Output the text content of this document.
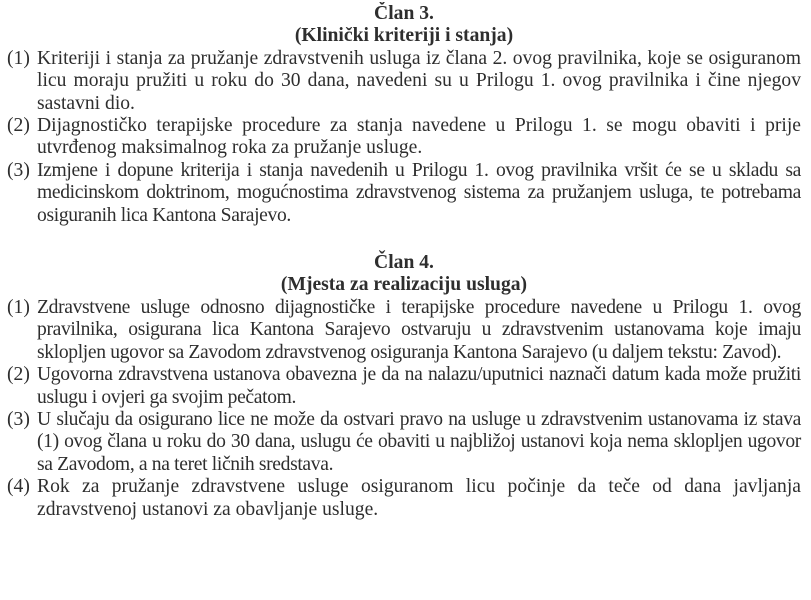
Član 3.
(Klinički kriteriji i stanja)
(1) Kriteriji i stanja za pružanje zdravstvenih usluga iz člana 2. ovog pravilnika, koje se osiguranom licu moraju pružiti u roku do 30 dana, navedeni su u Prilogu 1. ovog pravilnika i čine njegov sastavni dio.
(2) Dijagnostičko terapijske procedure za stanja navedene u Prilogu 1. se mogu obaviti i prije utvrđenog maksimalnog roka za pružanje usluge.
(3) Izmjene i dopune kriterija i stanja navedenih u Prilogu 1. ovog pravilnika vršit će se u skladu sa medicinskom doktrinom, mogućnostima zdravstvenog sistema za pružanjem usluga, te potrebama osiguranih lica Kantona Sarajevo.
Član 4.
(Mjesta za realizaciju usluga)
(1) Zdravstvene usluge odnosno dijagnostičke i terapijske procedure navedene u Prilogu 1. ovog pravilnika, osigurana lica Kantona Sarajevo ostvaruju u zdravstvenim ustanovama koje imaju sklopljen ugovor sa Zavodom zdravstvenog osiguranja Kantona Sarajevo (u daljem tekstu: Zavod).
(2) Ugovorna zdravstvena ustanova obavezna je da na nalazu/uputnici naznači datum kada može pružiti uslugu i ovjeri ga svojim pečatom.
(3) U slučaju da osigurano lice ne može da ostvari pravo na usluge u zdravstvenim ustanovama iz stava (1) ovog člana u roku do 30 dana, uslugu će obaviti u najbližoj ustanovi koja nema sklopljen ugovor sa Zavodom, a na teret ličnih sredstava.
(4) Rok za pružanje zdravstvene usluge osiguranom licu počinje da teče od dana javljanja zdravstvenoj ustanovi za obavljanje usluge.
